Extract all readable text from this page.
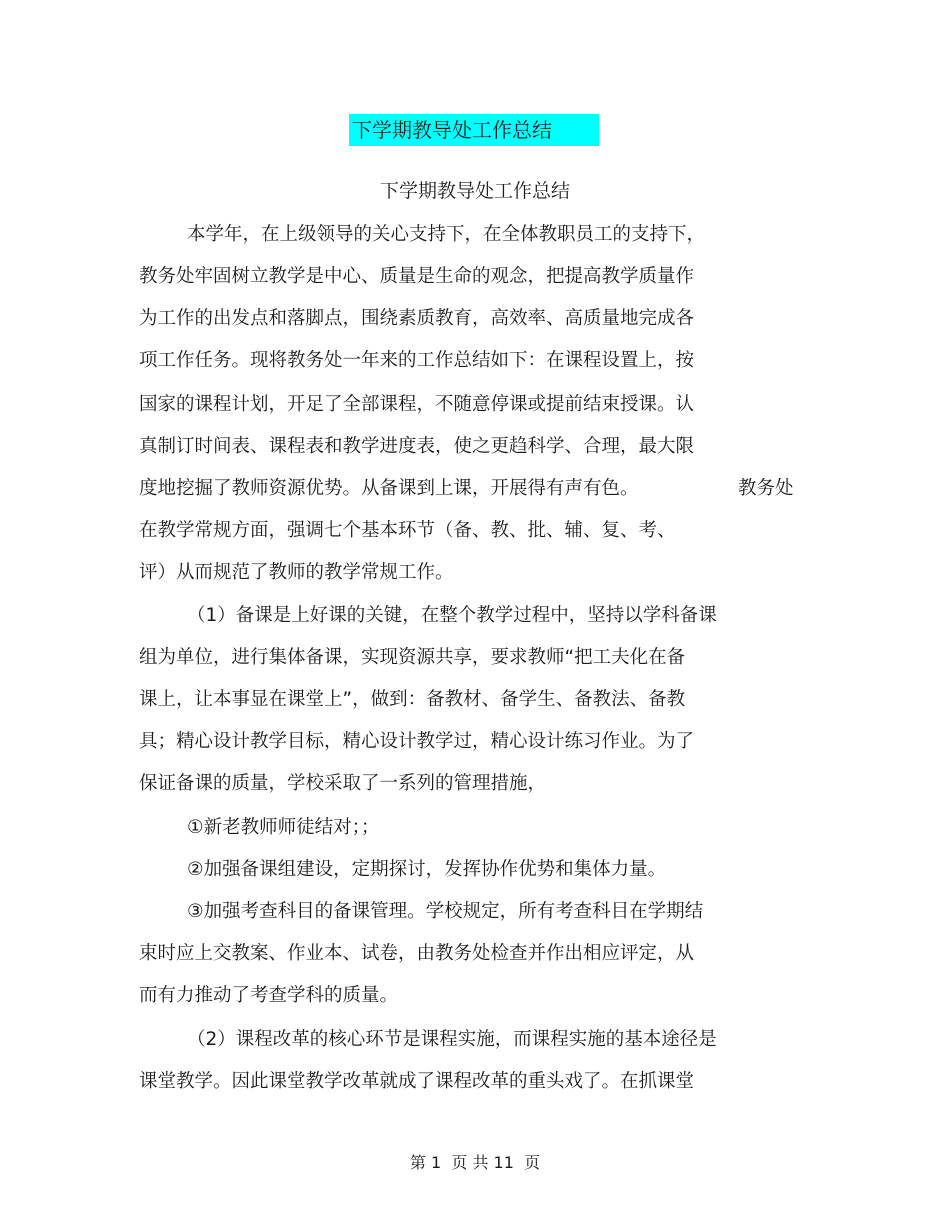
下学期教导处工作总结
下学期教导处工作总结
本学年，在上级领导的关心支持下，在全体教职员工的支持下，
教务处牢固树立教学是中心、质量是生命的观念，把提高教学质量作
为工作的出发点和落脚点，围绕素质教育，高效率、高质量地完成各
项工作任务。现将教务处一年来的工作总结如下：在课程设置上，按
国家的课程计划，开足了全部课程，不随意停课或提前结束授课。认
真制订时间表、课程表和教学进度表，使之更趋科学、合理，最大限
度地挖掘了教师资源优势。从备课到上课，开展得有声有色。	教务处
在教学常规方面，强调七个基本环节（备、教、批、辅、复、考、
评）从而规范了教师的教学常规工作。
（1）备课是上好课的关键，在整个教学过程中，坚持以学科备课
组为单位，进行集体备课，实现资源共享，要求教师“把工夫化在备
课上，让本事显在课堂上”，做到：备教材、备学生、备教法、备教
具；精心设计教学目标，精心设计教学过，精心设计练习作业。为了
保证备课的质量，学校采取了一系列的管理措施，
①新老教师师徒结对；；
②加强备课组建设，定期探讨，发挥协作优势和集体力量。
③加强考查科目的备课管理。学校规定，所有考查科目在学期结
束时应上交教案、作业本、试卷，由教务处检查并作出相应评定，从
而有力推动了考查学科的质量。
（2）课程改革的核心环节是课程实施，而课程实施的基本途径是
课堂教学。因此课堂教学改革就成了课程改革的重头戏了。在抓课堂
第 1  页 共 11  页
